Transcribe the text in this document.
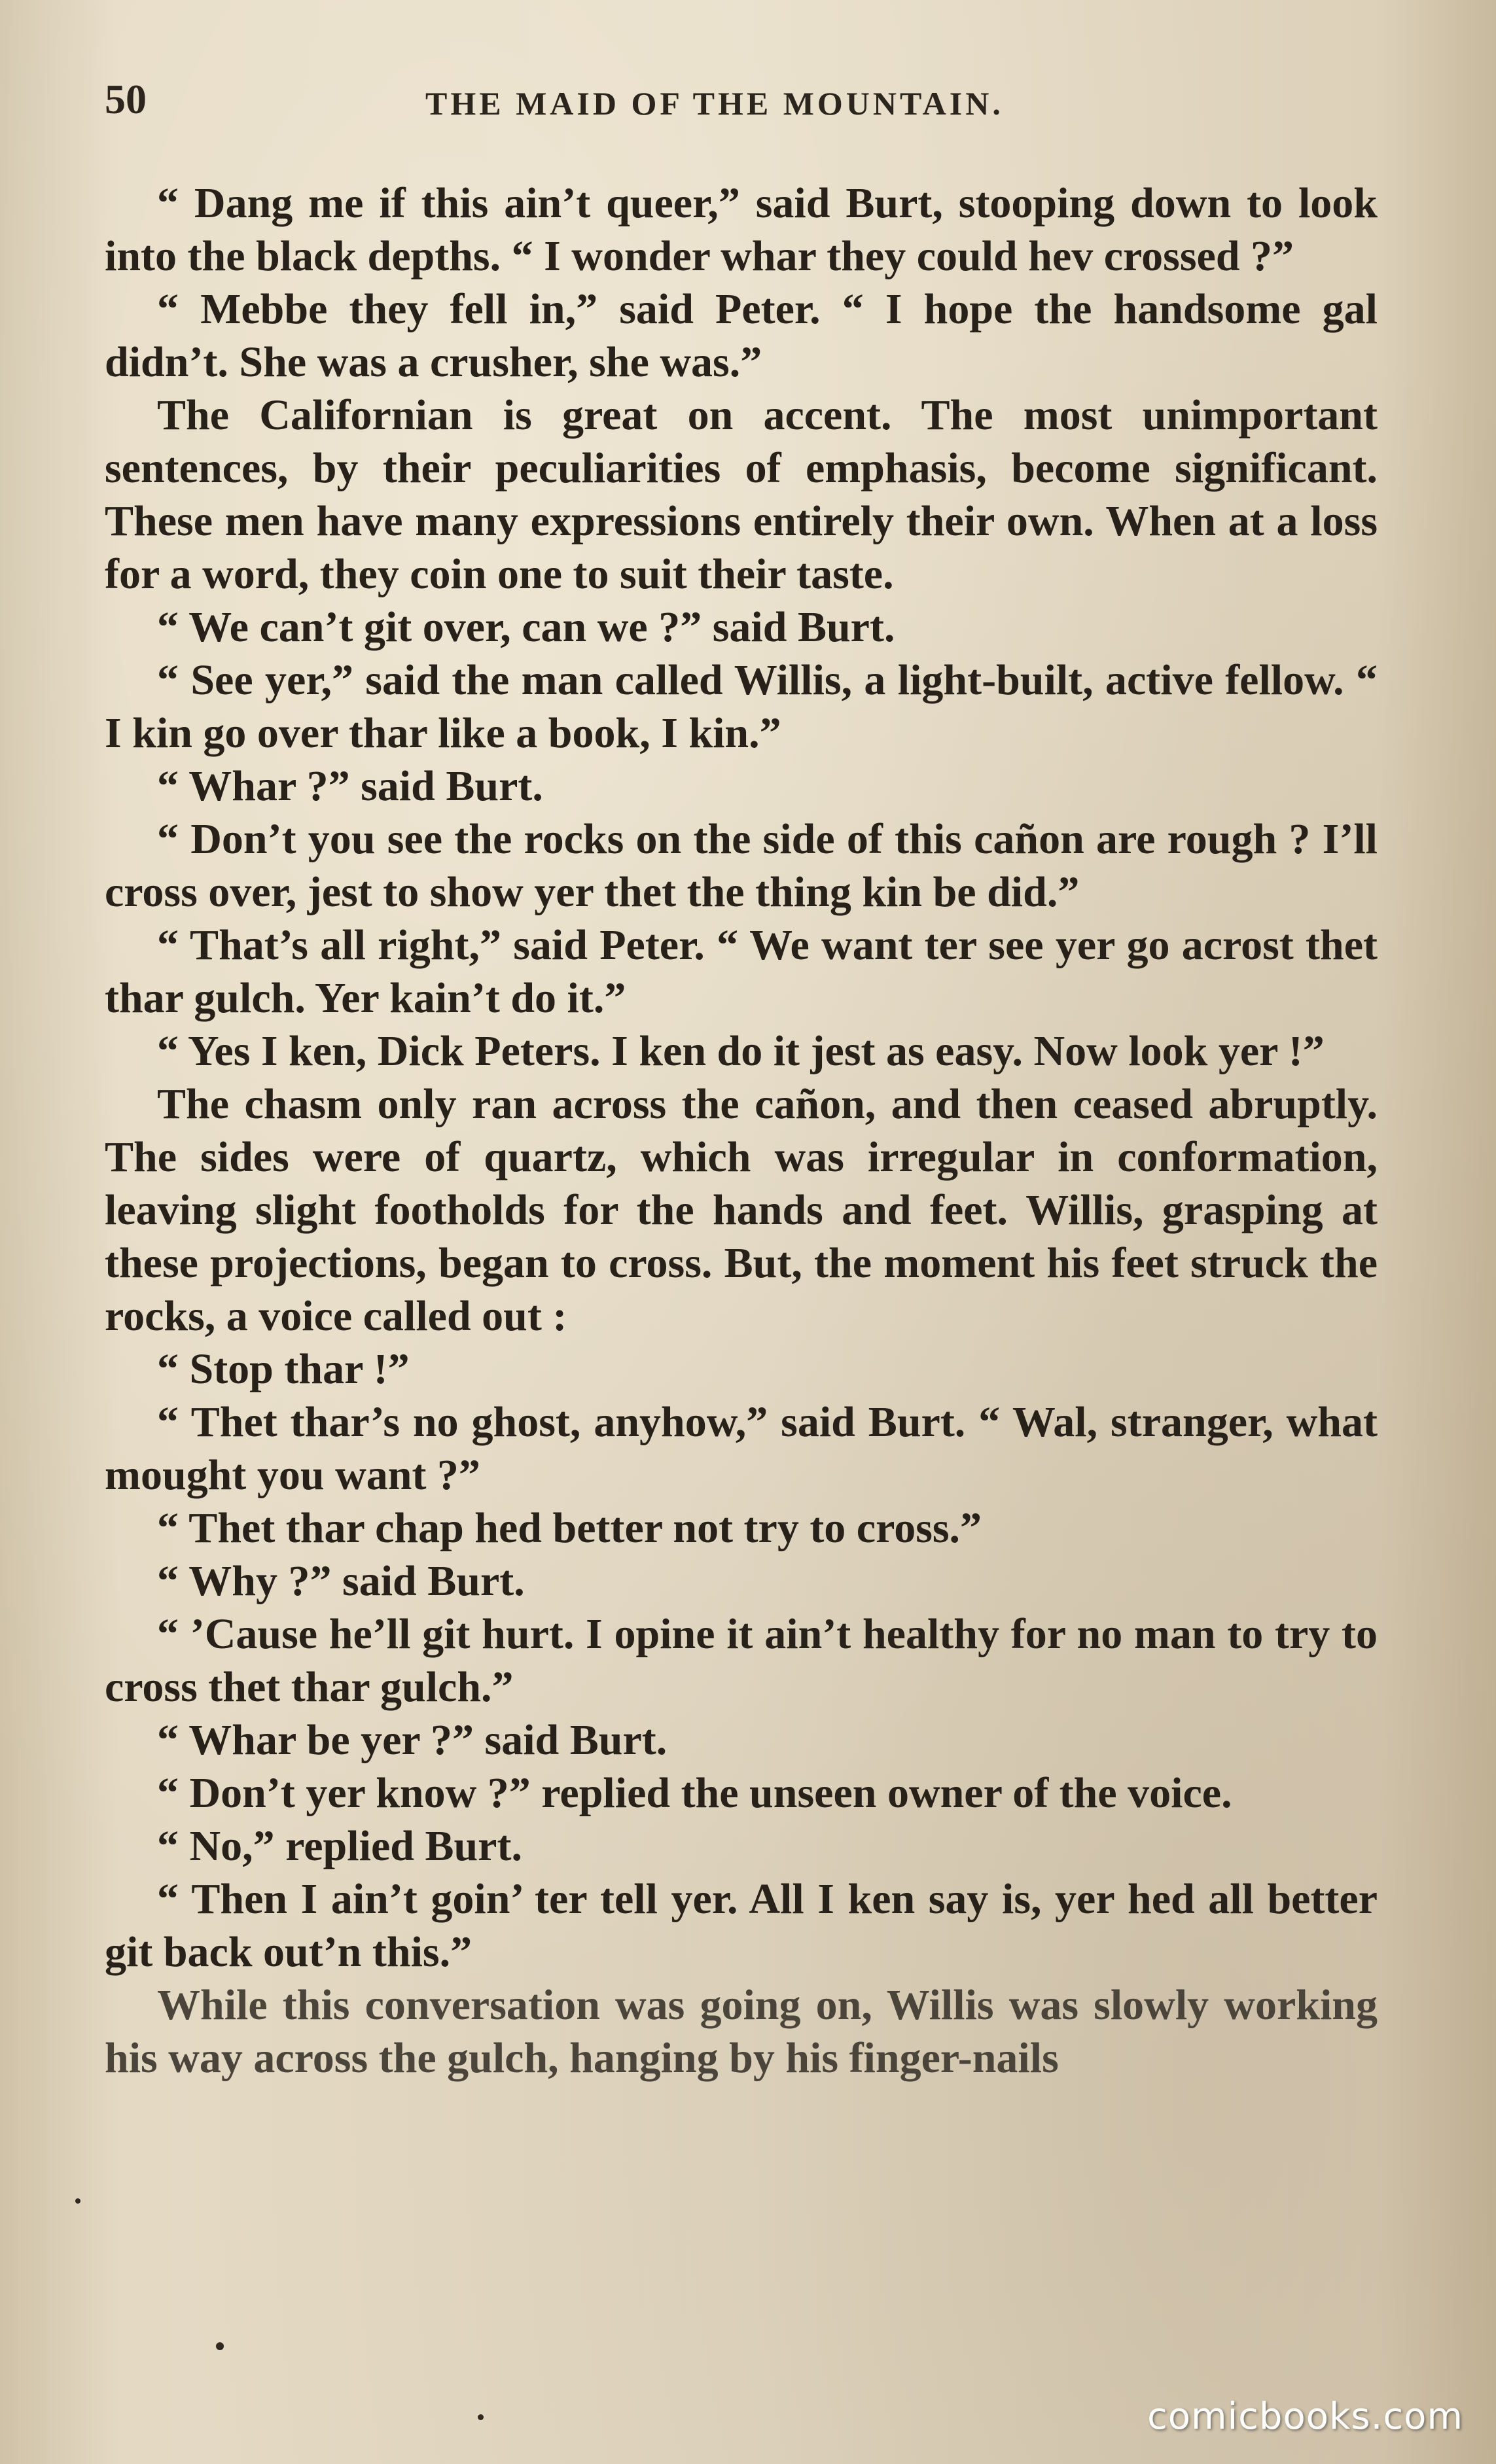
50	THE MAID OF THE MOUNTAIN.

“ Dang me if this ain’t queer,” said Burt, stooping down to look into the black depths. “ I wonder whar they could hev crossed ?”

“ Mebbe they fell in,” said Peter. “ I hope the handsome gal didn’t. She was a crusher, she was.”

The Californian is great on accent. The most unimportant sentences, by their peculiarities of emphasis, become significant. These men have many expressions entirely their own. When at a loss for a word, they coin one to suit their taste.

“ We can’t git over, can we ?” said Burt.

“ See yer,” said the man called Willis, a light-built, active fellow. “ I kin go over thar like a book, I kin.”

“ Whar ?” said Burt.

“ Don’t you see the rocks on the side of this cañon are rough ? I’ll cross over, jest to show yer thet the thing kin be did.”

“ That’s all right,” said Peter. “ We want ter see yer go acrost thet thar gulch. Yer kain’t do it.”

“ Yes I ken, Dick Peters. I ken do it jest as easy. Now look yer !”

The chasm only ran across the cañon, and then ceased abruptly. The sides were of quartz, which was irregular in conformation, leaving slight footholds for the hands and feet. Willis, grasping at these projections, began to cross. But, the moment his feet struck the rocks, a voice called out :

“ Stop thar !”

“ Thet thar’s no ghost, anyhow,” said Burt. “ Wal, stranger, what mought you want ?”

“ Thet thar chap hed better not try to cross.”

“ Why ?” said Burt.

“ ’Cause he’ll git hurt. I opine it ain’t healthy for no man to try to cross thet thar gulch.”

“ Whar be yer ?” said Burt.

“ Don’t yer know ?” replied the unseen owner of the voice.

“ No,” replied Burt.

“ Then I ain’t goin’ ter tell yer. All I ken say is, yer hed all better git back out’n this.”

While this conversation was going on, Willis was slowly working his way across the gulch, hanging by his finger-nails

comicbooks.com
